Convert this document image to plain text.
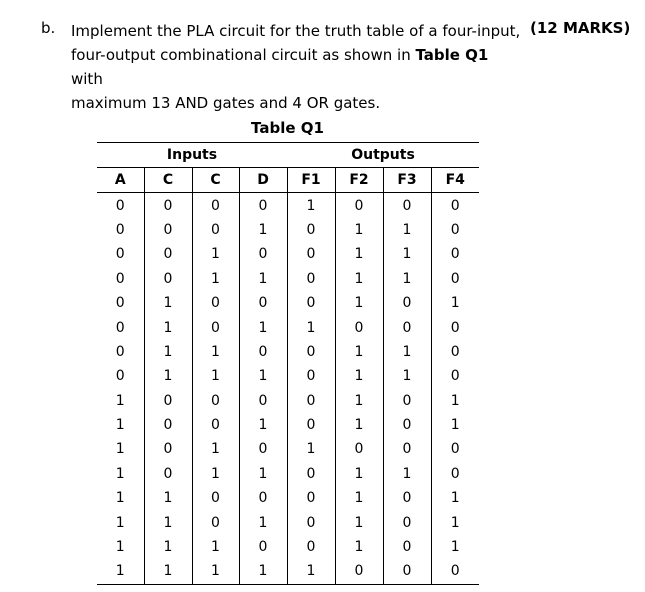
b. Implement the PLA circuit for the truth table of a four-input,
four-output combinational circuit as shown in Table Q1 with
maximum 13 AND gates and 4 OR gates.
(12 MARKS)
Table Q1
Inputs				Outputs			
A	C	C	D	F1	F2	F3	F4
0	0	0	0	1	0	0	0
0	0	0	1	0	1	1	0
0	0	1	0	0	1	1	0
0	0	1	1	0	1	1	0
0	1	0	0	0	1	0	1
0	1	0	1	1	0	0	0
0	1	1	0	0	1	1	0
0	1	1	1	0	1	1	0
1	0	0	0	0	1	0	1
1	0	0	1	0	1	0	1
1	0	1	0	1	0	0	0
1	0	1	1	0	1	1	0
1	1	0	0	0	1	0	1
1	1	0	1	0	1	0	1
1	1	1	0	0	1	0	1
1	1	1	1	1	0	0	0
